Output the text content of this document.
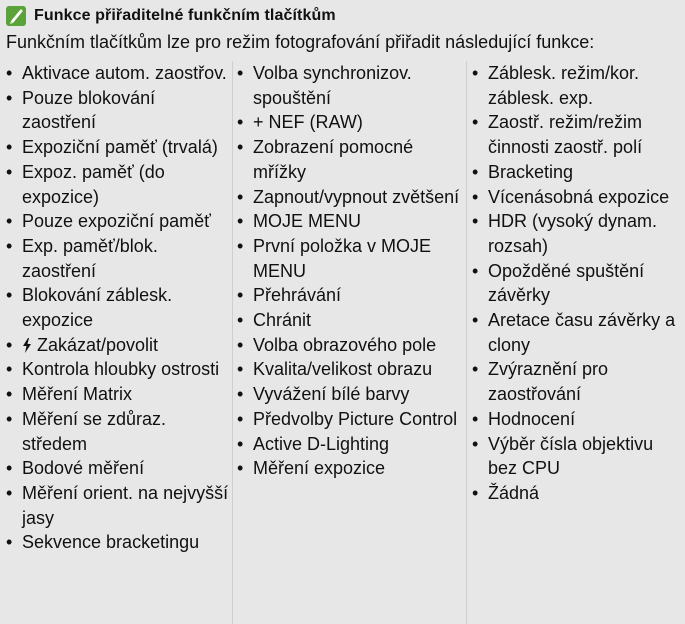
Funkce přiřaditelné funkčním tlačítkům
Funkčním tlačítkům lze pro režim fotografování přiřadit následující funkce:
• Aktivace autom. zaostřov.
• Pouze blokování zaostření
• Expoziční paměť (trvalá)
• Expoz. paměť (do expozice)
• Pouze expoziční paměť
• Exp. paměť/blok. zaostření
• Blokování záblesk. expozice
• Zakázat/povolit
• Kontrola hloubky ostrosti
• Měření Matrix
• Měření se zdůraz. středem
• Bodové měření
• Měření orient. na nejvyšší jasy
• Sekvence bracketingu
• Volba synchronizov. spouštění
• + NEF (RAW)
• Zobrazení pomocné mřížky
• Zapnout/vypnout zvětšení
• MOJE MENU
• První položka v MOJE MENU
• Přehrávání
• Chránit
• Volba obrazového pole
• Kvalita/velikost obrazu
• Vyvážení bílé barvy
• Předvolby Picture Control
• Active D-Lighting
• Měření expozice
• Záblesk. režim/kor. záblesk. exp.
• Zaostř. režim/režim činnosti zaostř. polí
• Bracketing
• Vícenásobná expozice
• HDR (vysoký dynam. rozsah)
• Opožděné spuštění závěrky
• Aretace času závěrky a clony
• Zvýraznění pro zaostřování
• Hodnocení
• Výběr čísla objektivu bez CPU
• Žádná
